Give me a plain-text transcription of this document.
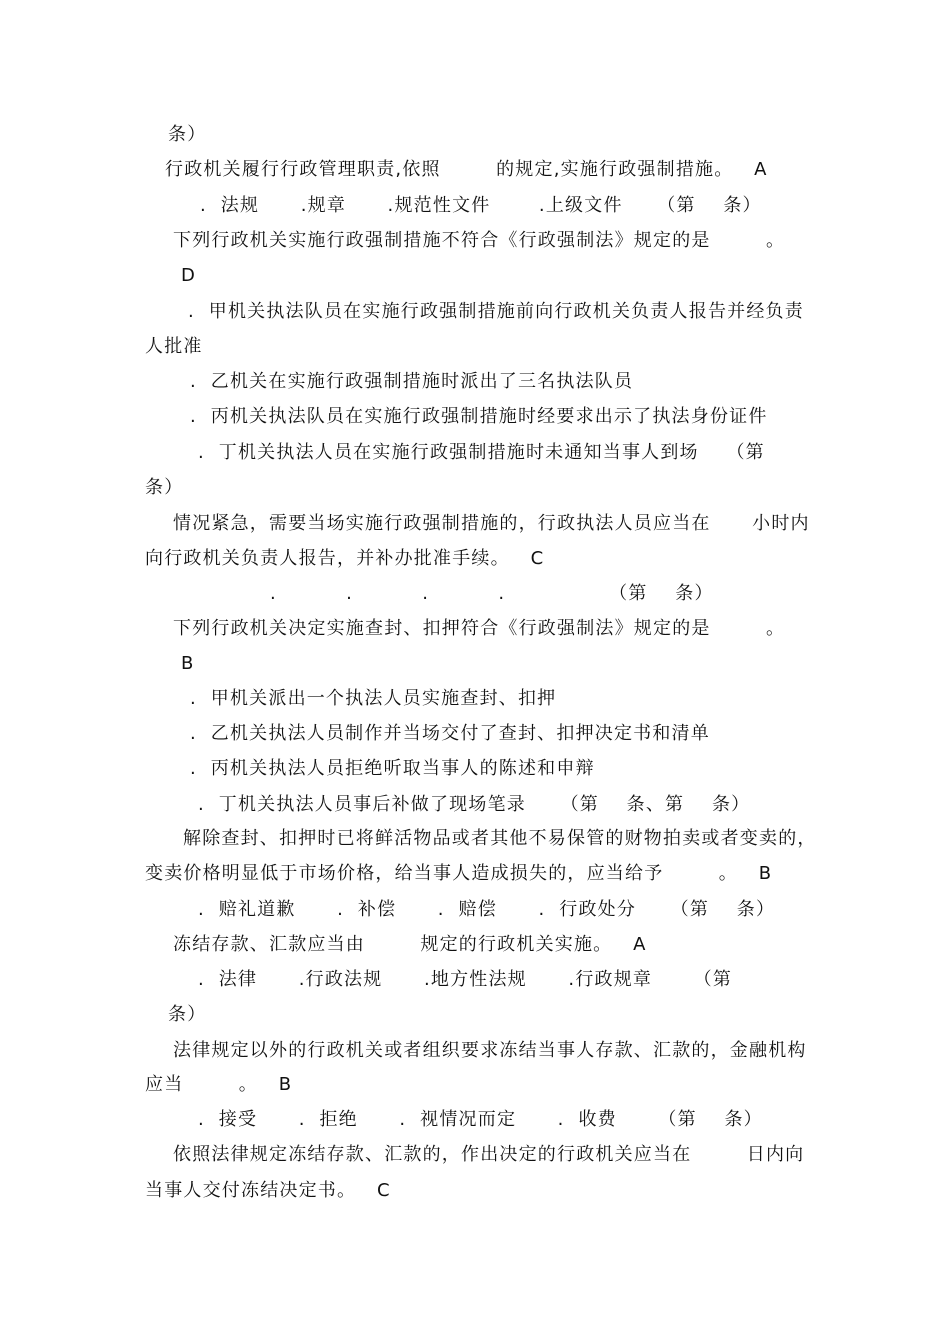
条）
行政机关履行行政管理职责,依照        的规定,实施行政强制措施。   A
.  法规      .规章      .规范性文件       .上级文件     （第    条）
下列行政机关实施行政强制措施不符合《行政强制法》规定的是        。
D
.  甲机关执法队员在实施行政强制措施前向行政机关负责人报告并经负责
人批准
.  乙机关在实施行政强制措施时派出了三名执法队员
.  丙机关执法队员在实施行政强制措施时经要求出示了执法身份证件
.  丁机关执法人员在实施行政强制措施时未通知当事人到场    （第
条）
情况紧急，需要当场实施行政强制措施的，行政执法人员应当在      小时内
向行政机关负责人报告，并补办批准手续。   C
.          .          .          .               （第    条）
下列行政机关决定实施查封、扣押符合《行政强制法》规定的是        。
B
.  甲机关派出一个执法人员实施查封、扣押
.  乙机关执法人员制作并当场交付了查封、扣押决定书和清单
.  丙机关执法人员拒绝听取当事人的陈述和申辩
.  丁机关执法人员事后补做了现场笔录     （第    条、第    条）
解除查封、扣押时已将鲜活物品或者其他不易保管的财物拍卖或者变卖的，
变卖价格明显低于市场价格，给当事人造成损失的，应当给予        。   B
.  赔礼道歉      .  补偿      .  赔偿      .  行政处分     （第    条）
冻结存款、汇款应当由        规定的行政机关实施。   A
.  法律      .行政法规      .地方性法规      .行政规章      （第
条）
法律规定以外的行政机关或者组织要求冻结当事人存款、汇款的，金融机构
应当        。   B
.  接受      .  拒绝      .  视情况而定      .  收费      （第    条）
依照法律规定冻结存款、汇款的，作出决定的行政机关应当在        日内向
当事人交付冻结决定书。   C
